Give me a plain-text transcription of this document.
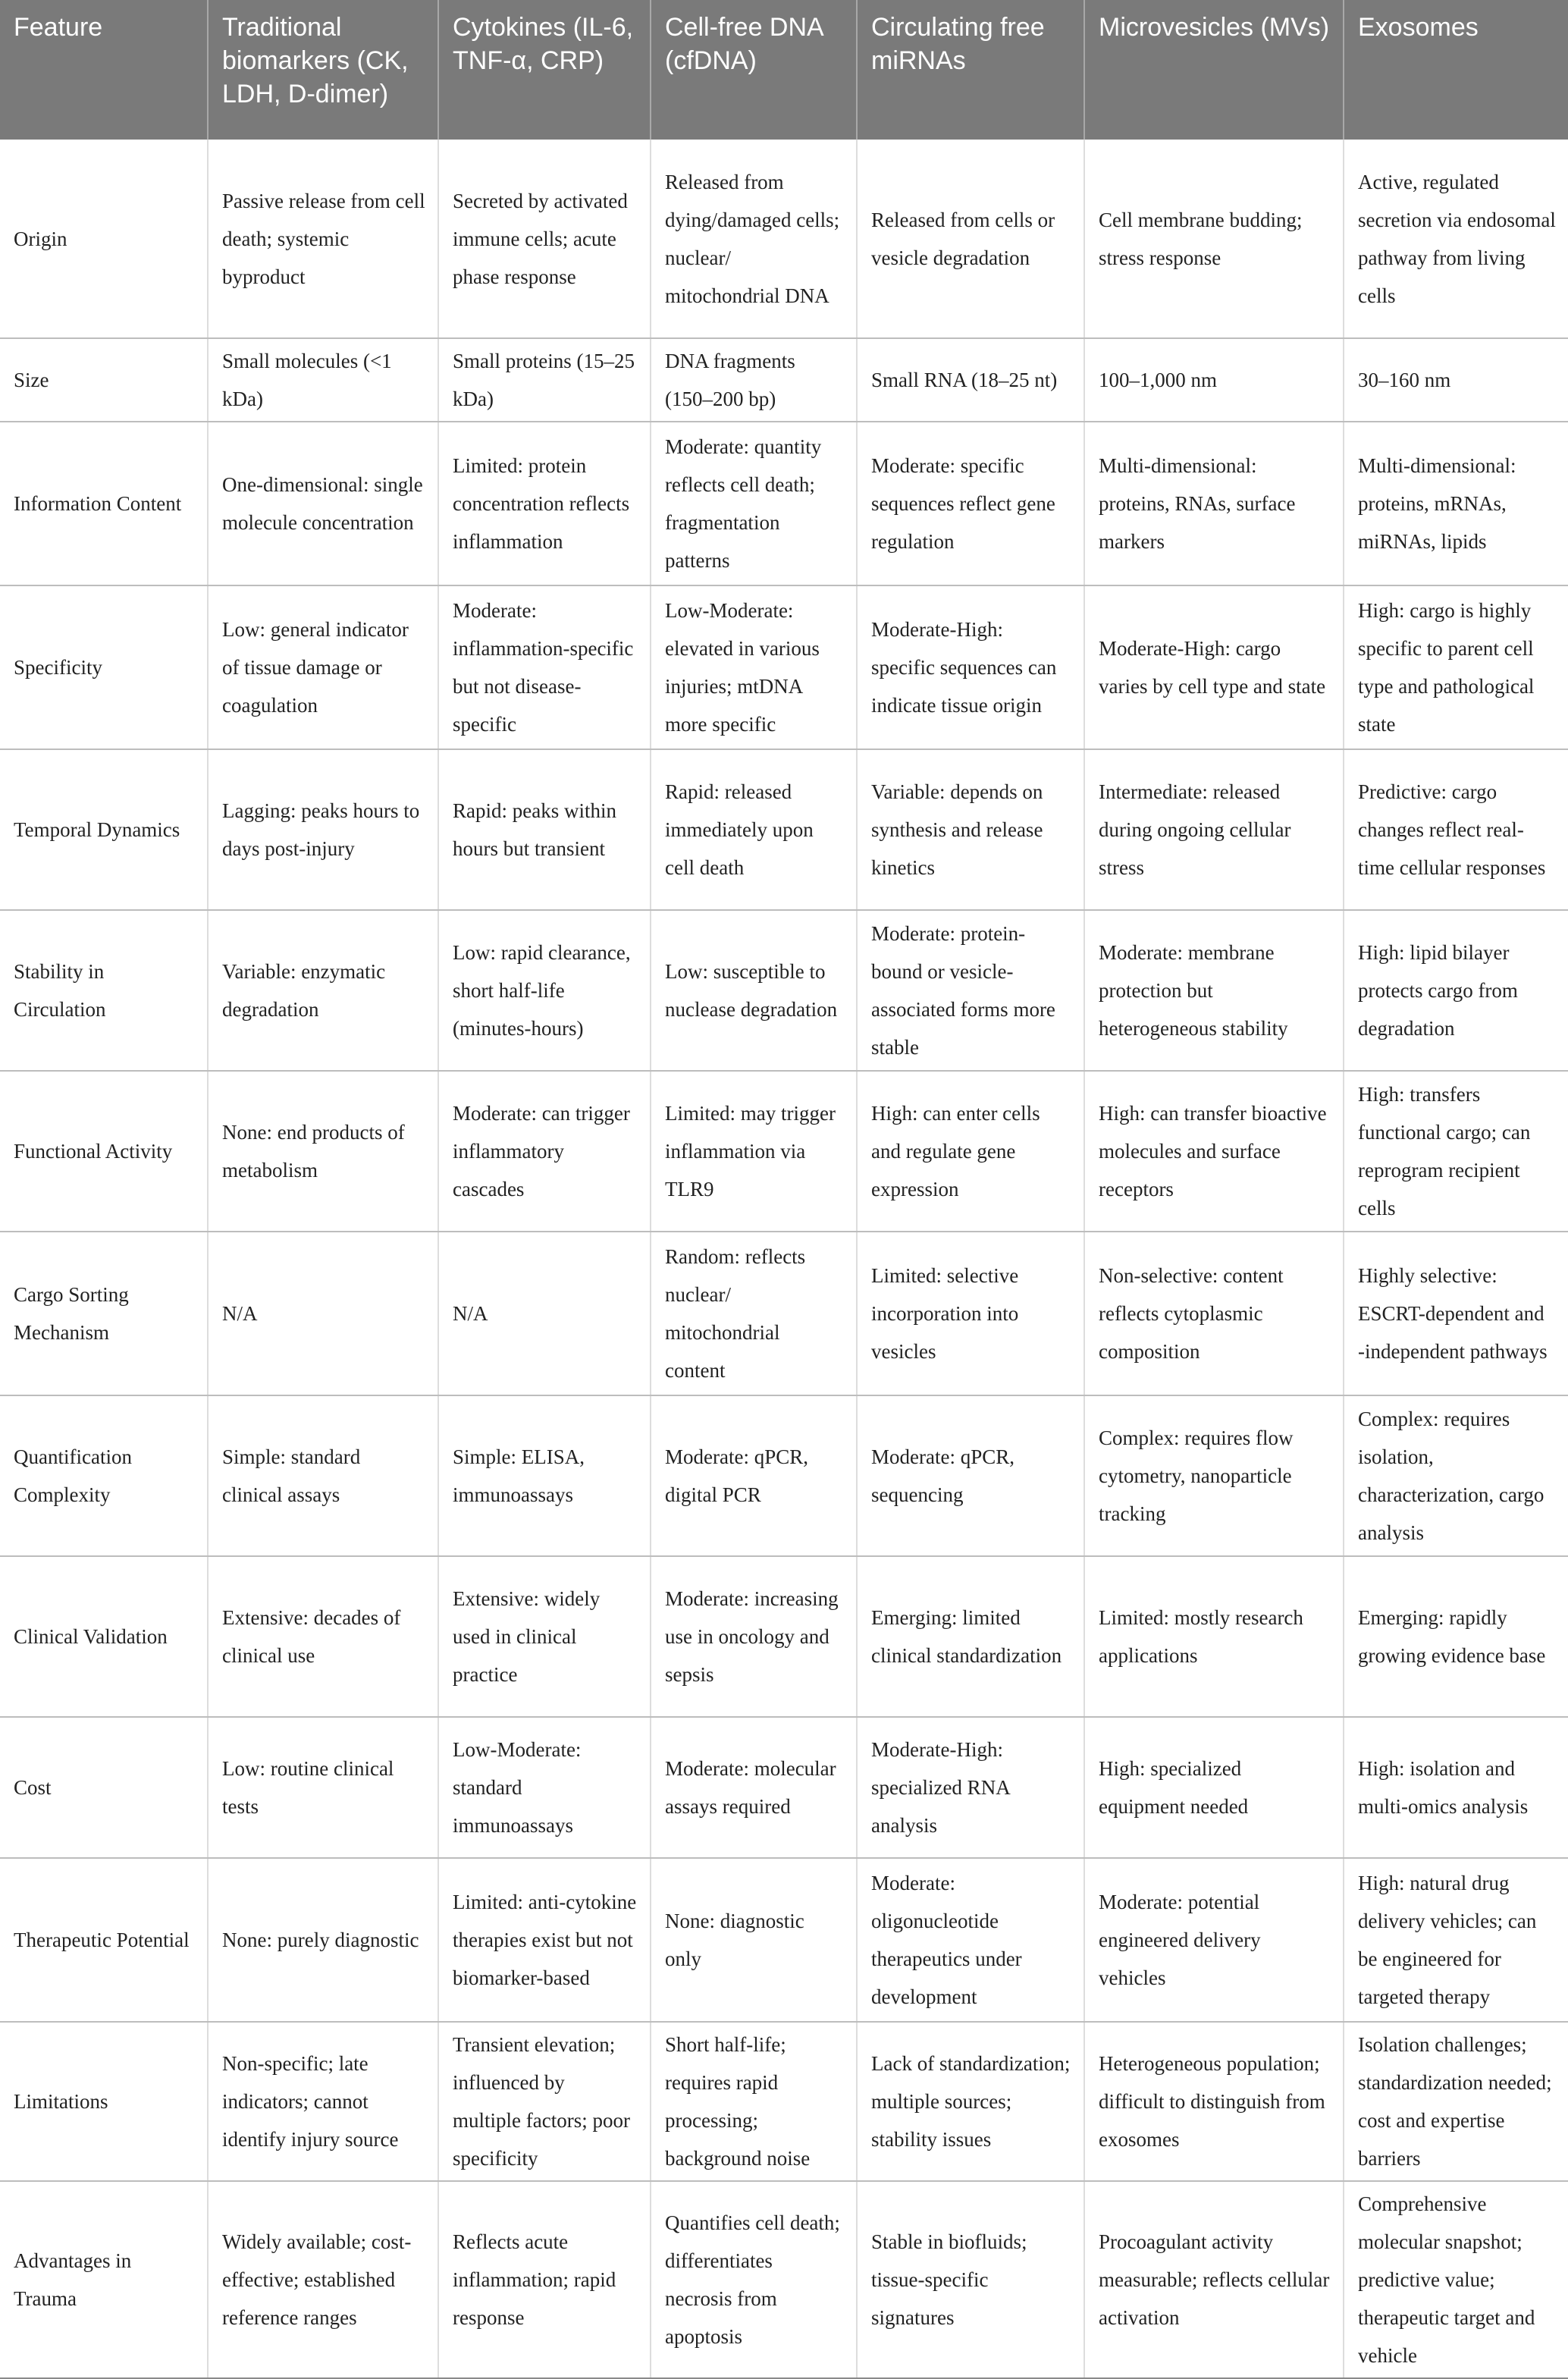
Feature	Traditional biomarkers (CK, LDH, D-dimer)	Cytokines (IL-6, TNF-α, CRP)	Cell-free DNA (cfDNA)	Circulating free miRNAs	Microvesicles (MVs)	Exosomes
Origin	Passive release from cell death; systemic byproduct	Secreted by activated immune cells; acute phase response	Released from dying/damaged cells; nuclear/ mitochondrial DNA	Released from cells or vesicle degradation	Cell membrane budding; stress response	Active, regulated secretion via endosomal pathway from living cells
Size	Small molecules (<1 kDa)	Small proteins (15–25 kDa)	DNA fragments (150–200 bp)	Small RNA (18–25 nt)	100–1,000 nm	30–160 nm
Information Content	One-dimensional: single molecule concentration	Limited: protein concentration reflects inflammation	Moderate: quantity reflects cell death; fragmentation patterns	Moderate: specific sequences reflect gene regulation	Multi-dimensional: proteins, RNAs, surface markers	Multi-dimensional: proteins, mRNAs, miRNAs, lipids
Specificity	Low: general indicator of tissue damage or coagulation	Moderate: inflammation-specific but not disease-specific	Low-Moderate: elevated in various injuries; mtDNA more specific	Moderate-High: specific sequences can indicate tissue origin	Moderate-High: cargo varies by cell type and state	High: cargo is highly specific to parent cell type and pathological state
Temporal Dynamics	Lagging: peaks hours to days post-injury	Rapid: peaks within hours but transient	Rapid: released immediately upon cell death	Variable: depends on synthesis and release kinetics	Intermediate: released during ongoing cellular stress	Predictive: cargo changes reflect real-time cellular responses
Stability in Circulation	Variable: enzymatic degradation	Low: rapid clearance, short half-life (minutes-hours)	Low: susceptible to nuclease degradation	Moderate: protein-bound or vesicle-associated forms more stable	Moderate: membrane protection but heterogeneous stability	High: lipid bilayer protects cargo from degradation
Functional Activity	None: end products of metabolism	Moderate: can trigger inflammatory cascades	Limited: may trigger inflammation via TLR9	High: can enter cells and regulate gene expression	High: can transfer bioactive molecules and surface receptors	High: transfers functional cargo; can reprogram recipient cells
Cargo Sorting Mechanism	N/A	N/A	Random: reflects nuclear/ mitochondrial content	Limited: selective incorporation into vesicles	Non-selective: content reflects cytoplasmic composition	Highly selective: ESCRT-dependent and -independent pathways
Quantification Complexity	Simple: standard clinical assays	Simple: ELISA, immunoassays	Moderate: qPCR, digital PCR	Moderate: qPCR, sequencing	Complex: requires flow cytometry, nanoparticle tracking	Complex: requires isolation, characterization, cargo analysis
Clinical Validation	Extensive: decades of clinical use	Extensive: widely used in clinical practice	Moderate: increasing use in oncology and sepsis	Emerging: limited clinical standardization	Limited: mostly research applications	Emerging: rapidly growing evidence base
Cost	Low: routine clinical tests	Low-Moderate: standard immunoassays	Moderate: molecular assays required	Moderate-High: specialized RNA analysis	High: specialized equipment needed	High: isolation and multi-omics analysis
Therapeutic Potential	None: purely diagnostic	Limited: anti-cytokine therapies exist but not biomarker-based	None: diagnostic only	Moderate: oligonucleotide therapeutics under development	Moderate: potential engineered delivery vehicles	High: natural drug delivery vehicles; can be engineered for targeted therapy
Limitations	Non-specific; late indicators; cannot identify injury source	Transient elevation; influenced by multiple factors; poor specificity	Short half-life; requires rapid processing; background noise	Lack of standardization; multiple sources; stability issues	Heterogeneous population; difficult to distinguish from exosomes	Isolation challenges; standardization needed; cost and expertise barriers
Advantages in Trauma	Widely available; cost-effective; established reference ranges	Reflects acute inflammation; rapid response	Quantifies cell death; differentiates necrosis from apoptosis	Stable in biofluids; tissue-specific signatures	Procoagulant activity measurable; reflects cellular activation	Comprehensive molecular snapshot; predictive value; therapeutic target and vehicle
